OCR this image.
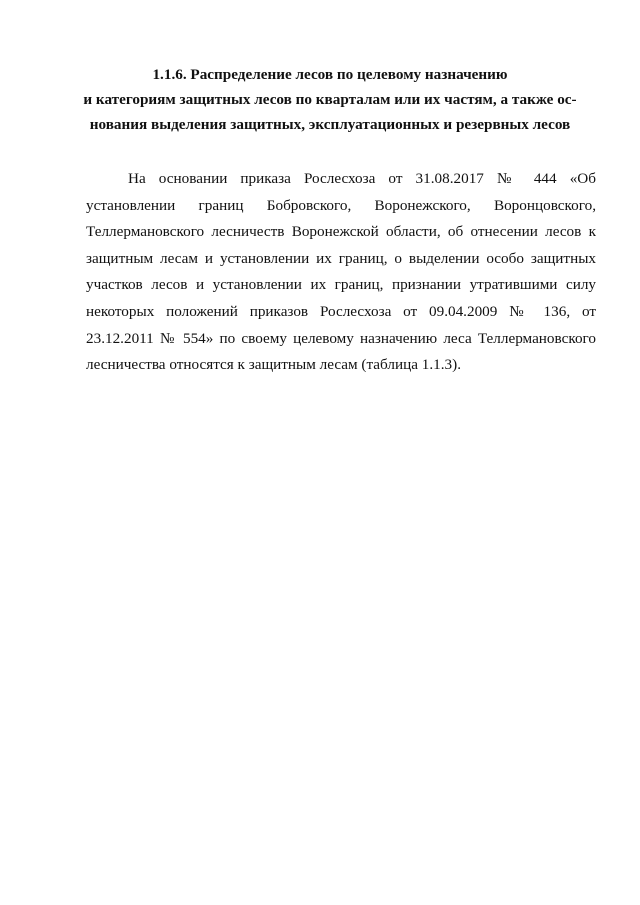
1.1.6. Распределение лесов по целевому назначению
и категориям защитных лесов по кварталам или их частям, а также ос-
нования выделения защитных, эксплуатационных и резервных лесов
На основании приказа Рослесхоза от 31.08.2017 № 444 «Об
установлении границ Бобровского, Воронежского, Воронцовского,
Теллермановского лесничеств Воронежской области, об отнесении лесов к
защитным лесам и установлении их границ, о выделении особо защитных
участков лесов и установлении их границ, признании утратившими силу
некоторых положений приказов Рослесхоза от 09.04.2009 № 136, от
23.12.2011 № 554» по своему целевому назначению леса Теллермановского
лесничества относятся к защитным лесам (таблица 1.1.3).
